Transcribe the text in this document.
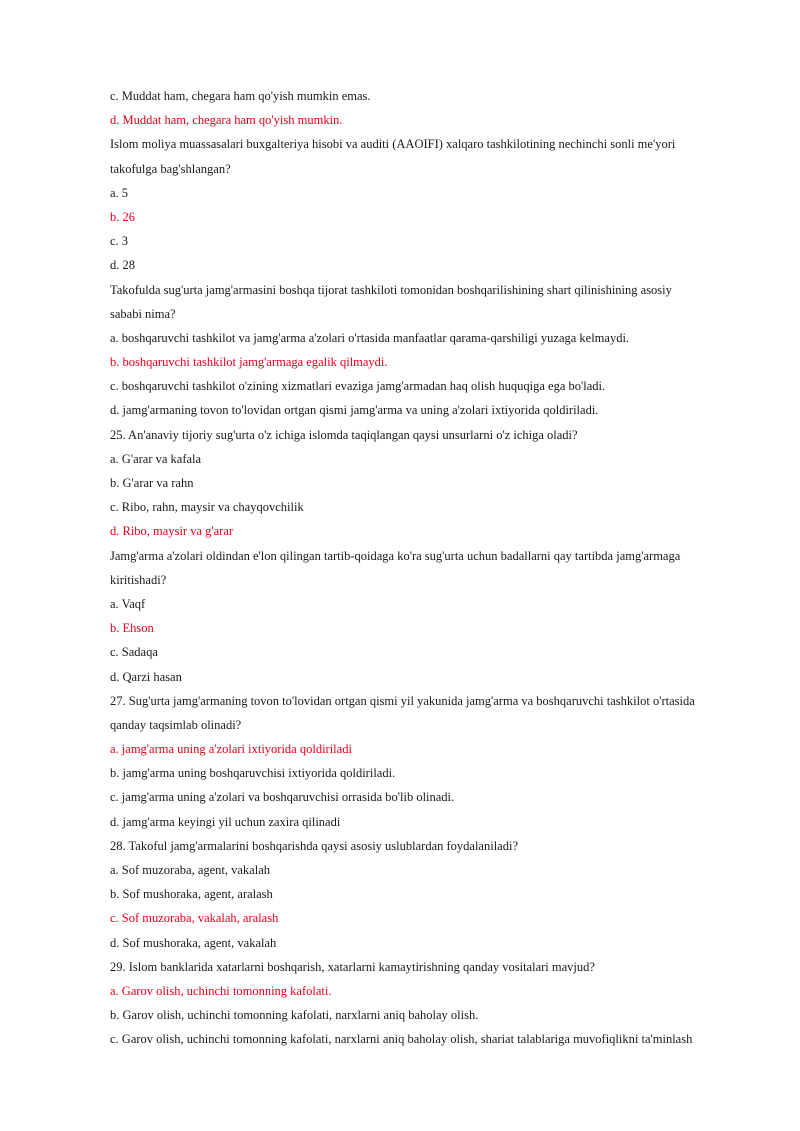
c. Muddat ham, chegara ham qo'yish mumkin emas.
d. Muddat ham, chegara ham qo'yish mumkin.
Islom moliya muassasalari buxgalteriya hisobi va auditi (AAOIFI) xalqaro tashkilotining nechinchi sonli me'yori
takofulga bag'shlangan?
a. 5
b. 26
c. 3
d. 28
Takofulda sug'urta jamg'armasini boshqa tijorat tashkiloti tomonidan boshqarilishining shart qilinishining asosiy
sababi nima?
a. boshqaruvchi tashkilot va jamg'arma a'zolari o'rtasida manfaatlar qarama-qarshiligi yuzaga kelmaydi.
b. boshqaruvchi tashkilot jamg'armaga egalik qilmaydi.
c. boshqaruvchi tashkilot o'zining xizmatlari evaziga jamg'armadan haq olish huquqiga ega bo'ladi.
d. jamg'armaning tovon to'lovidan ortgan qismi jamg'arma va uning a'zolari ixtiyorida qoldiriladi.
25. An'anaviy tijoriy sug'urta o'z ichiga islomda taqiqlangan qaysi unsurlarni o'z ichiga oladi?
a. G'arar va kafala
b. G'arar va rahn
c. Ribo, rahn, maysir va chayqovchilik
d. Ribo, maysir va g'arar
Jamg'arma a'zolari oldindan e'lon qilingan tartib-qoidaga ko'ra sug'urta uchun badallarni qay tartibda jamg'armaga
kiritishadi?
a. Vaqf
b. Ehson
c. Sadaqa
d. Qarzi hasan
27. Sug'urta jamg'armaning tovon to'lovidan ortgan qismi yil yakunida jamg'arma va boshqaruvchi tashkilot o'rtasida
qanday taqsimlab olinadi?
a. jamg'arma uning a'zolari ixtiyorida qoldiriladi
b. jamg'arma uning boshqaruvchisi ixtiyorida qoldiriladi.
c. jamg'arma uning a'zolari va boshqaruvchisi orrasida bo'lib olinadi.
d. jamg'arma keyingi yil uchun zaxira qilinadi
28. Takoful jamg'armalarini boshqarishda qaysi asosiy uslublardan foydalaniladi?
a. Sof muzoraba, agent, vakalah
b. Sof mushoraka, agent, aralash
c. Sof muzoraba, vakalah, aralash
d. Sof mushoraka, agent, vakalah
29. Islom banklarida xatarlarni boshqarish, xatarlarni kamaytirishning qanday vositalari mavjud?
a. Garov olish, uchinchi tomonning kafolati.
b. Garov olish, uchinchi tomonning kafolati, narxlarni aniq baholay olish.
c. Garov olish, uchinchi tomonning kafolati, narxlarni aniq baholay olish, shariat talablariga muvofiqlikni ta'minlash
